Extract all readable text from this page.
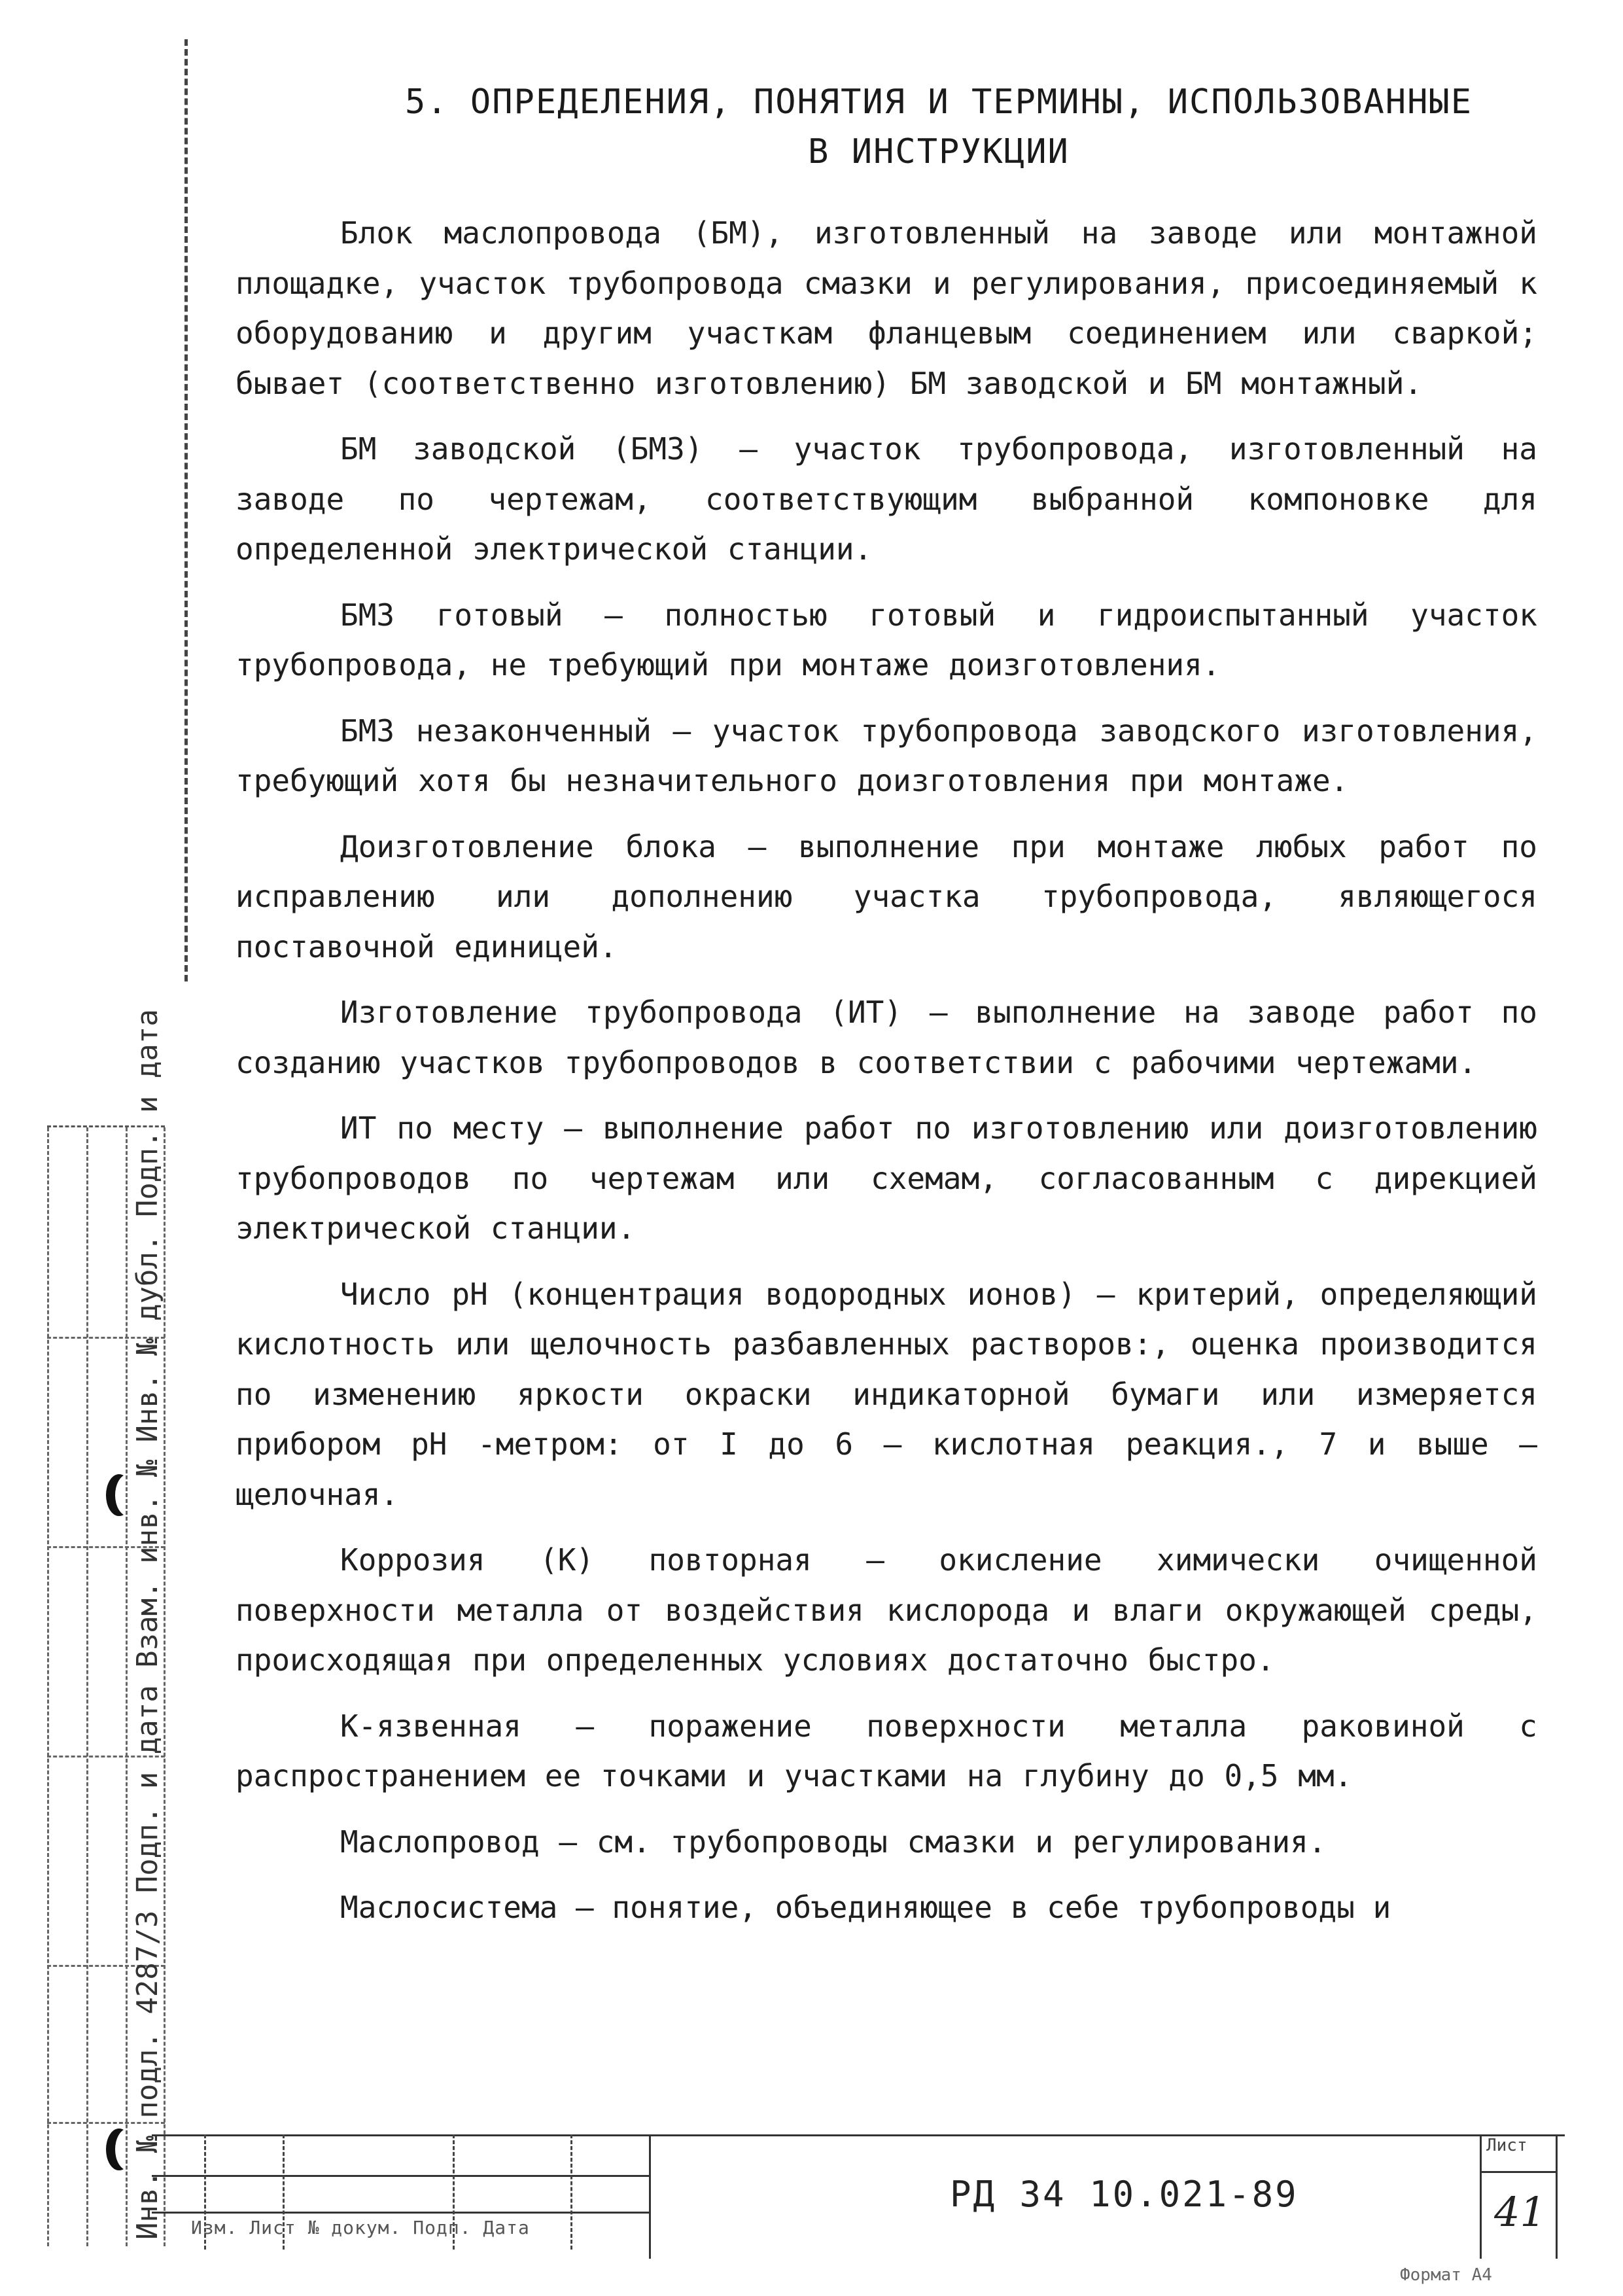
5. ОПРЕДЕЛЕНИЯ, ПОНЯТИЯ И ТЕРМИНЫ, ИСПОЛЬЗОВАННЫЕ
В ИНСТРУКЦИИ

Блок маслопровода (БМ), изготовленный на заводе или монтажной площадке, участок трубопровода смазки и регулирования, присоединяемый к оборудованию и другим участкам фланцевым соединением или сваркой; бывает (соответственно изготовлению) БМ заводской и БМ монтажный.

БМ заводской (БМЗ) – участок трубопровода, изготовленный на заводе по чертежам, соответствующим выбранной компоновке для определенной электрической станции.

БМЗ готовый – полностью готовый и гидроиспытанный участок трубопровода, не требующий при монтаже доизготовления.

БМЗ незаконченный – участок трубопровода заводского изготовления, требующий хотя бы незначительного доизготовления при монтаже.

Доизготовление блока – выполнение при монтаже любых работ по исправлению или дополнению участка трубопровода, являющегося поставочной единицей.

Изготовление трубопровода (ИТ) – выполнение на заводе работ по созданию участков трубопроводов в соответствии с рабочими чертежами.

ИТ по месту – выполнение работ по изготовлению или доизготовлению трубопроводов по чертежам или схемам, согласованным с дирекцией электрической станции.

Число pH (концентрация водородных ионов) – критерий, определяющий кислотность или щелочность разбавленных растворов:, оценка производится по изменению яркости окраски индикаторной бумаги или измеряется прибором pH -метром: от I до 6 – кислотная реакция., 7 и выше – щелочная.

Коррозия (К) повторная – окисление химически очищенной поверхности металла от воздействия кислорода и влаги окружающей среды, происходящая при определенных условиях достаточно быстро.

К-язвенная – поражение поверхности металла раковиной с распространением ее точками и участками на глубину до 0,5 мм.

Маслопровод – см. трубопроводы смазки и регулирования.

Маслосистема – понятие, объединяющее в себе трубопроводы и

Инв. № подл. 4287/3 Подп. и дата Взам. инв. № Инв. № дубл. Подп. и дата Изм. Лист № докум. Подп. Дата
РД 34 10.021-89
Лист
41
Формат А4
